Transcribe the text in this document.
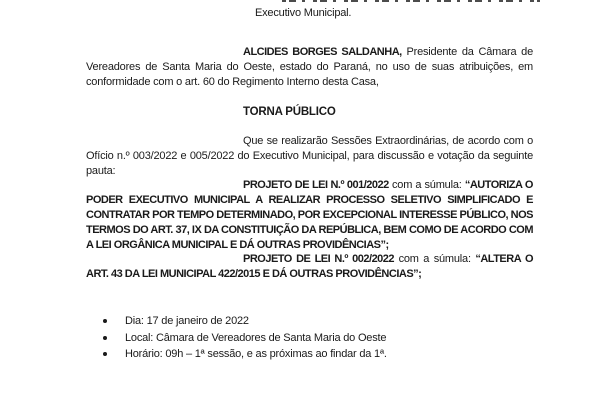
Executivo Municipal.

ALCIDES BORGES SALDANHA, Presidente da Câmara de Vereadores de Santa Maria do Oeste, estado do Paraná, no uso de suas atribuições, em conformidade com o art. 60 do Regimento Interno desta Casa,

TORNA PÚBLICO

Que se realizarão Sessões Extraordinárias, de acordo com o Ofício n.º 003/2022 e 005/2022 do Executivo Municipal, para discussão e votação da seguinte pauta:

PROJETO DE LEI N.º 001/2022 com a súmula: “AUTORIZA O PODER EXECUTIVO MUNICIPAL A REALIZAR PROCESSO SELETIVO SIMPLIFICADO E CONTRATAR POR TEMPO DETERMINADO, POR EXCEPCIONAL INTERESSE PÚBLICO, NOS TERMOS DO ART. 37, IX DA CONSTITUIÇÃO DA REPÚBLICA, BEM COMO DE ACORDO COM A LEI ORGÂNICA MUNICIPAL E DÁ OUTRAS PROVIDÊNCIAS”;

PROJETO DE LEI N.º 002/2022 com a súmula: “ALTERA O ART. 43 DA LEI MUNICIPAL 422/2015 E DÁ OUTRAS PROVIDÊNCIAS”;

Dia: 17 de janeiro de 2022
Local: Câmara de Vereadores de Santa Maria do Oeste
Horário: 09h – 1ª sessão, e as próximas ao findar da 1ª.
